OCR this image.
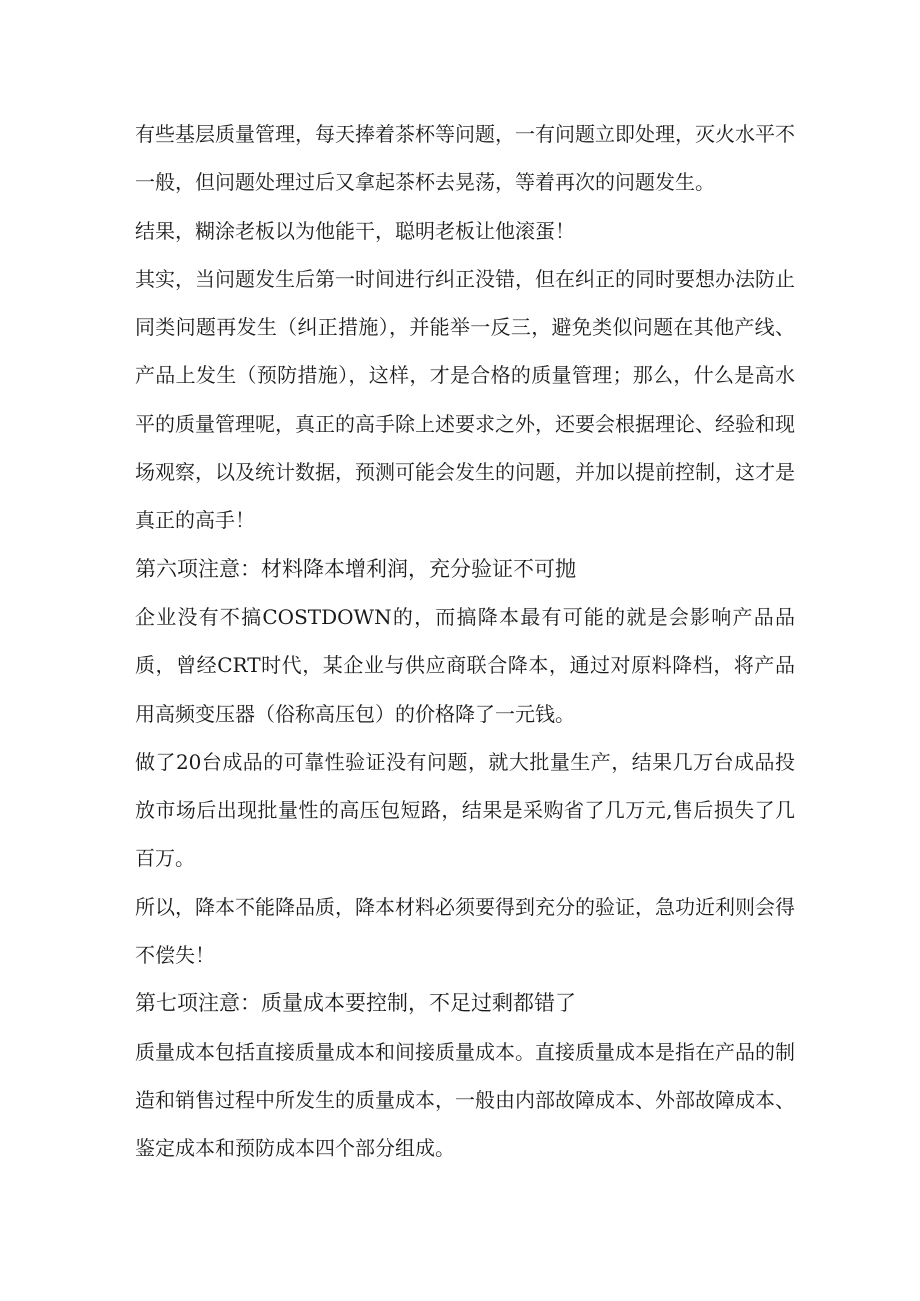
有些基层质量管理，每天捧着茶杯等问题，一有问题立即处理，灭火水平不一般，但问题处理过后又拿起茶杯去晃荡，等着再次的问题发生。

结果，糊涂老板以为他能干，聪明老板让他滚蛋！

其实，当问题发生后第一时间进行纠正没错，但在纠正的同时要想办法防止同类问题再发生（纠正措施），并能举一反三，避免类似问题在其他产线、产品上发生（预防措施），这样，才是合格的质量管理；那么，什么是高水平的质量管理呢，真正的高手除上述要求之外，还要会根据理论、经验和现场观察，以及统计数据，预测可能会发生的问题，并加以提前控制，这才是真正的高手！

第六项注意：材料降本增利润，充分验证不可抛

企业没有不搞COSTDOWN的，而搞降本最有可能的就是会影响产品品质，曾经CRT时代，某企业与供应商联合降本，通过对原料降档，将产品用高频变压器（俗称高压包）的价格降了一元钱。

做了20台成品的可靠性验证没有问题，就大批量生产，结果几万台成品投放市场后出现批量性的高压包短路，结果是采购省了几万元,售后损失了几百万。

所以，降本不能降品质，降本材料必须要得到充分的验证，急功近利则会得不偿失！

第七项注意：质量成本要控制，不足过剩都错了

质量成本包括直接质量成本和间接质量成本。直接质量成本是指在产品的制造和销售过程中所发生的质量成本，一般由内部故障成本、外部故障成本、鉴定成本和预防成本四个部分组成。
